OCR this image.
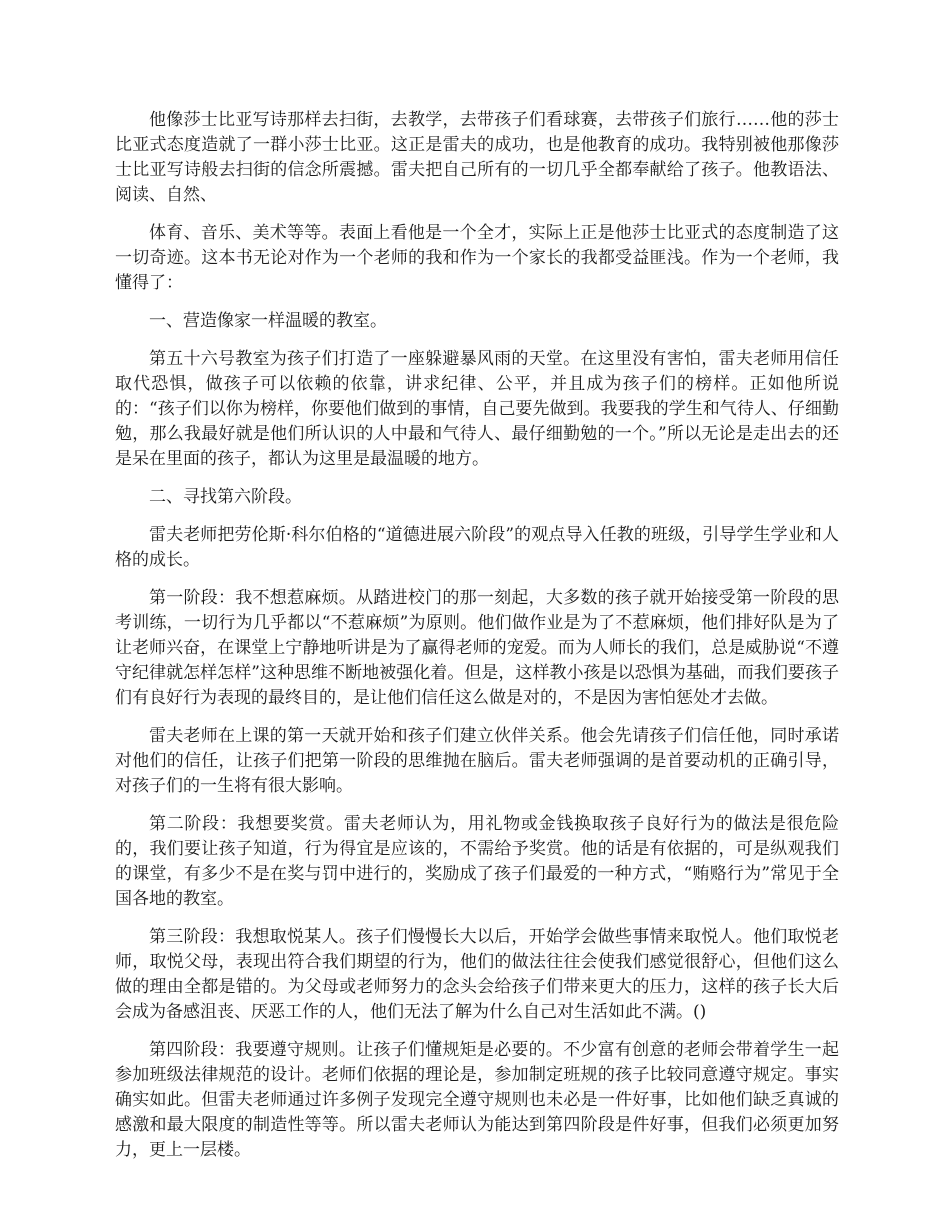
他像莎士比亚写诗那样去扫街，去教学，去带孩子们看球赛，去带孩子们旅行……他的莎士比亚式态度造就了一群小莎士比亚。这正是雷夫的成功，也是他教育的成功。我特别被他那像莎士比亚写诗般去扫街的信念所震撼。雷夫把自己所有的一切几乎全都奉献给了孩子。他教语法、阅读、自然、

体育、音乐、美术等等。表面上看他是一个全才，实际上正是他莎士比亚式的态度制造了这一切奇迹。这本书无论对作为一个老师的我和作为一个家长的我都受益匪浅。作为一个老师，我懂得了：

一、营造像家一样温暖的教室。

第五十六号教室为孩子们打造了一座躲避暴风雨的天堂。在这里没有害怕，雷夫老师用信任取代恐惧，做孩子可以依赖的依靠，讲求纪律、公平，并且成为孩子们的榜样。正如他所说的：“孩子们以你为榜样，你要他们做到的事情，自己要先做到。我要我的学生和气待人、仔细勤勉，那么我最好就是他们所认识的人中最和气待人、最仔细勤勉的一个。”所以无论是走出去的还是呆在里面的孩子，都认为这里是最温暖的地方。

二、寻找第六阶段。

雷夫老师把劳伦斯·科尔伯格的“道德进展六阶段”的观点导入任教的班级，引导学生学业和人格的成长。

第一阶段：我不想惹麻烦。从踏进校门的那一刻起，大多数的孩子就开始接受第一阶段的思考训练，一切行为几乎都以“不惹麻烦”为原则。他们做作业是为了不惹麻烦，他们排好队是为了让老师兴奋，在课堂上宁静地听讲是为了赢得老师的宠爱。而为人师长的我们，总是威胁说“不遵守纪律就怎样怎样”这种思维不断地被强化着。但是，这样教小孩是以恐惧为基础，而我们要孩子们有良好行为表现的最终目的，是让他们信任这么做是对的，不是因为害怕惩处才去做。

雷夫老师在上课的第一天就开始和孩子们建立伙伴关系。他会先请孩子们信任他，同时承诺对他们的信任，让孩子们把第一阶段的思维抛在脑后。雷夫老师强调的是首要动机的正确引导，对孩子们的一生将有很大影响。

第二阶段：我想要奖赏。雷夫老师认为，用礼物或金钱换取孩子良好行为的做法是很危险的，我们要让孩子知道，行为得宜是应该的，不需给予奖赏。他的话是有依据的，可是纵观我们的课堂，有多少不是在奖与罚中进行的，奖励成了孩子们最爱的一种方式，“贿赂行为”常见于全国各地的教室。

第三阶段：我想取悦某人。孩子们慢慢长大以后，开始学会做些事情来取悦人。他们取悦老师，取悦父母，表现出符合我们期望的行为，他们的做法往往会使我们感觉很舒心，但他们这么做的理由全都是错的。为父母或老师努力的念头会给孩子们带来更大的压力，这样的孩子长大后会成为备感沮丧、厌恶工作的人，他们无法了解为什么自己对生活如此不满。()

第四阶段：我要遵守规则。让孩子们懂规矩是必要的。不少富有创意的老师会带着学生一起参加班级法律规范的设计。老师们依据的理论是，参加制定班规的孩子比较同意遵守规定。事实确实如此。但雷夫老师通过许多例子发现完全遵守规则也未必是一件好事，比如他们缺乏真诚的感激和最大限度的制造性等等。所以雷夫老师认为能达到第四阶段是件好事，但我们必须更加努力，更上一层楼。
